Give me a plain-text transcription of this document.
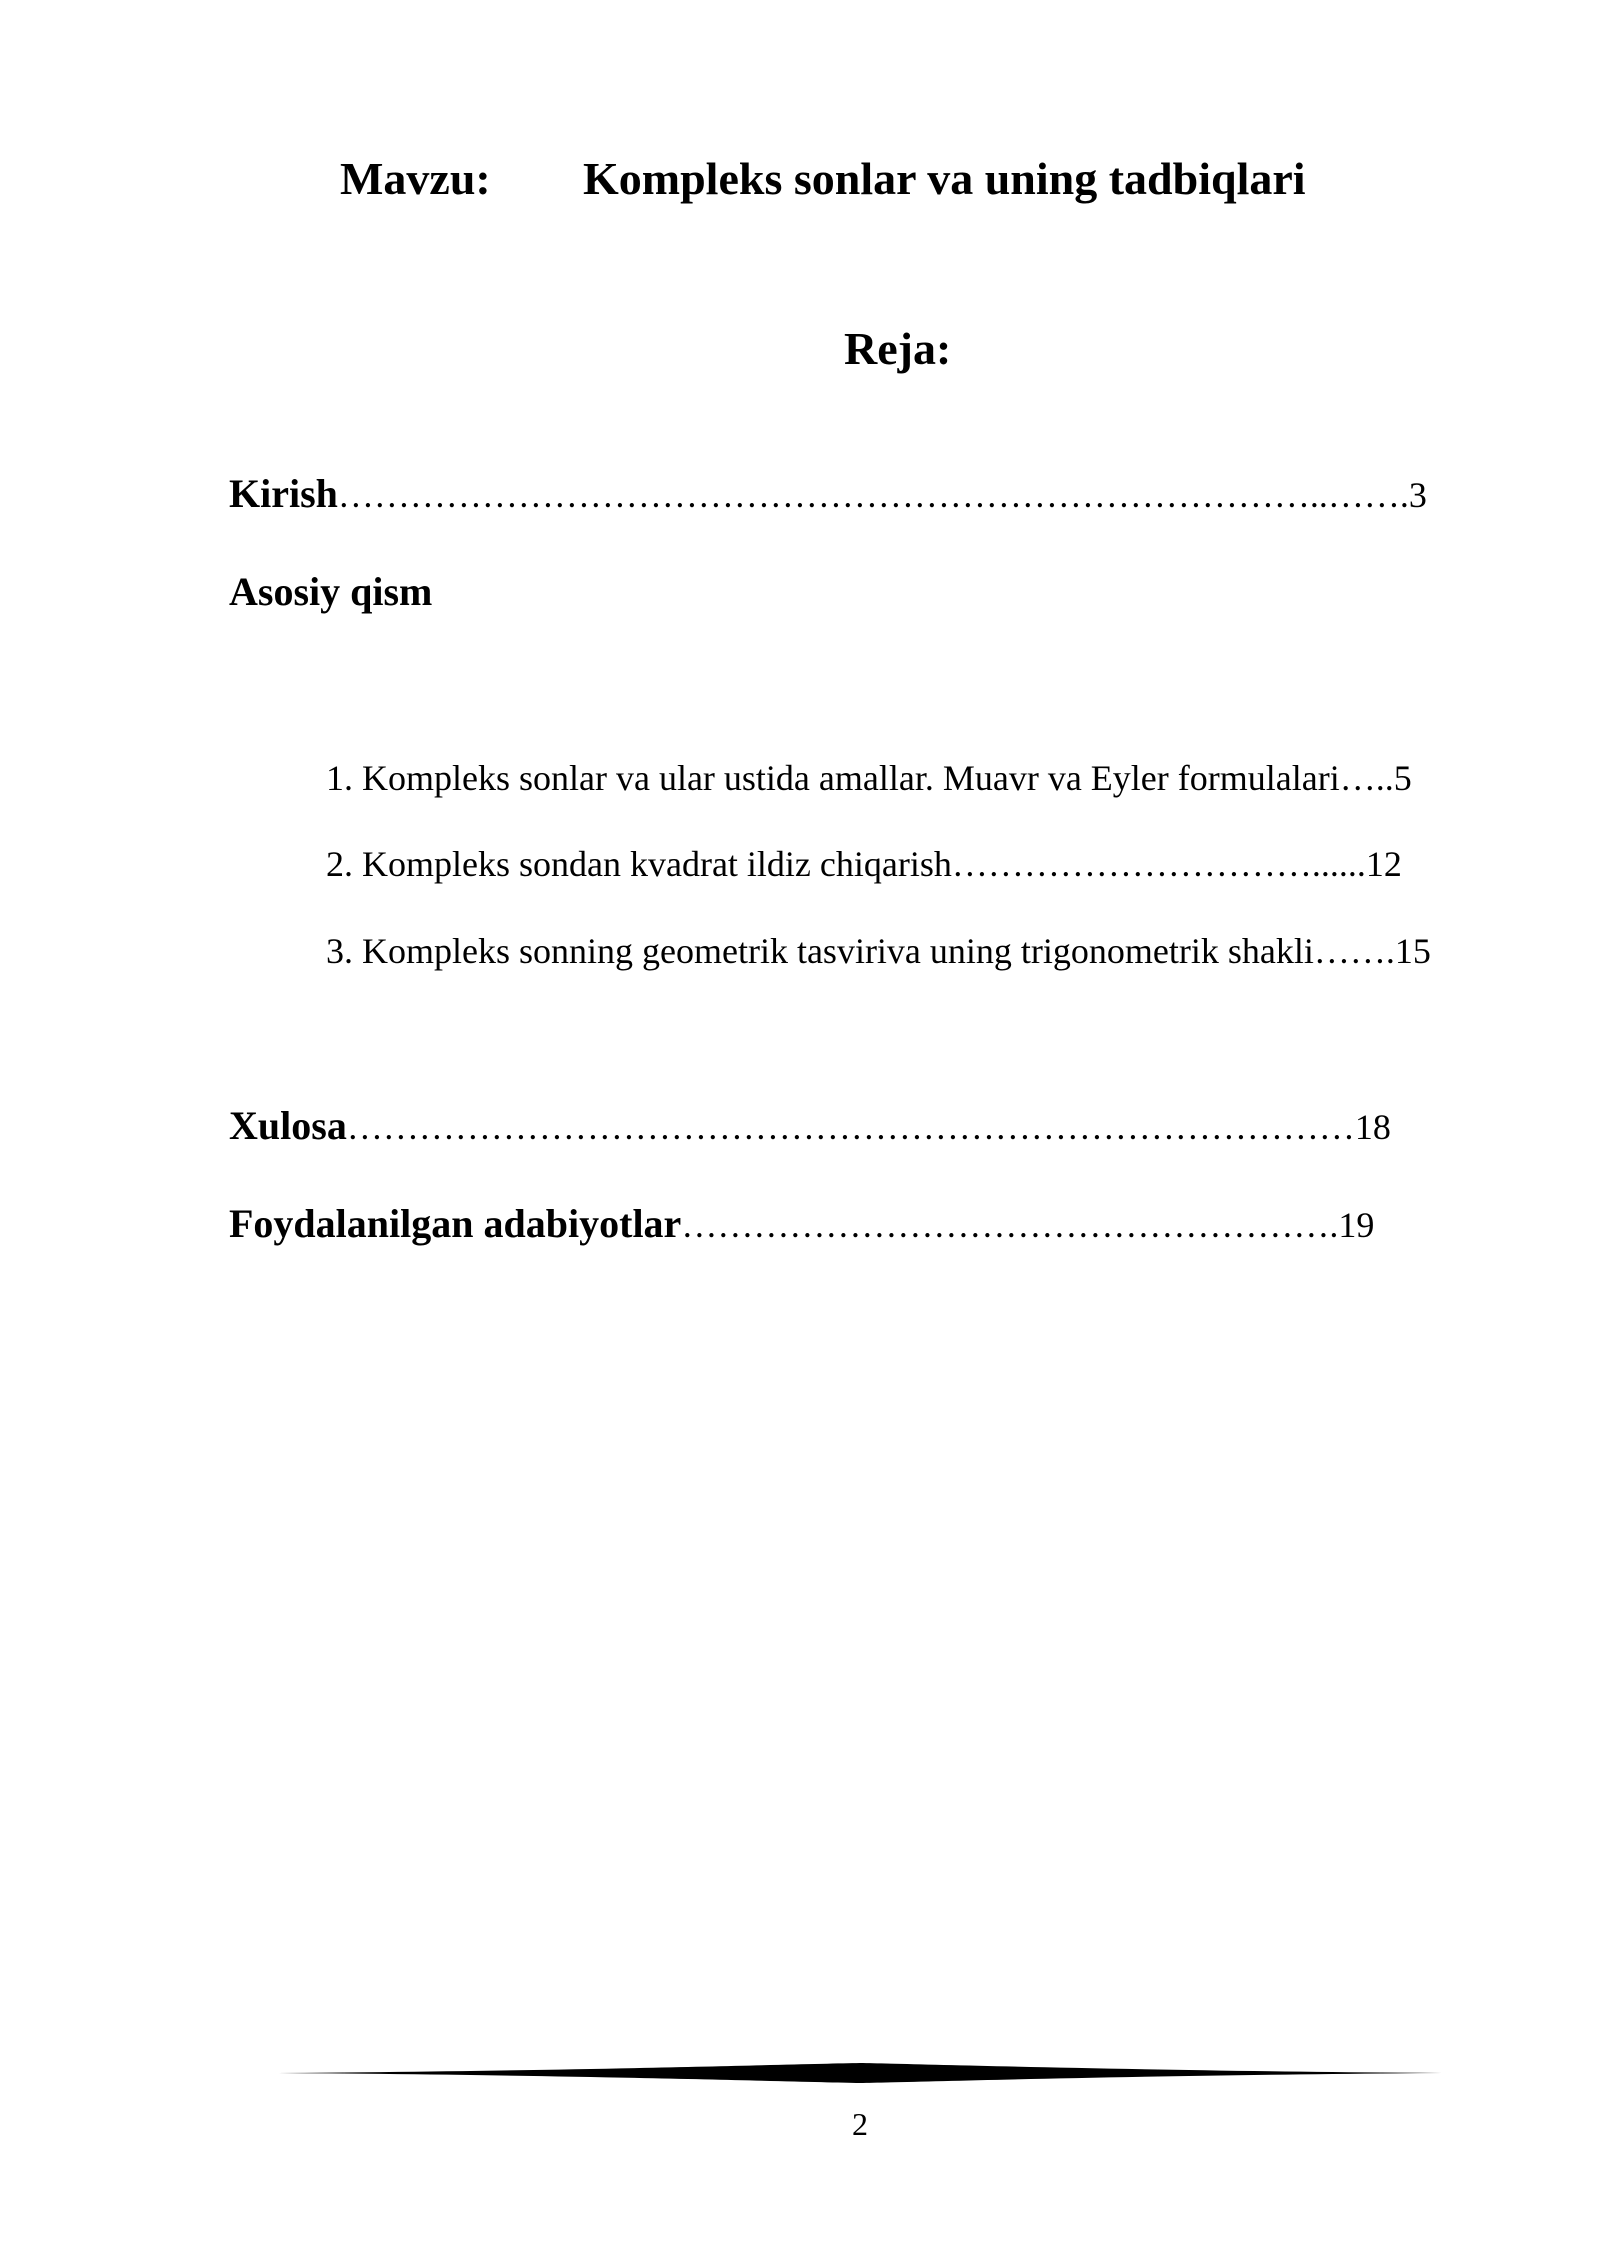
Mavzu: Kompleks sonlar va uning tadbiqlari
Reja:
Kirish………………………………………………………………………..…….3
Asosiy qism
1. Kompleks sonlar va ular ustida amallar. Muavr va Eyler formulalari…..5
2. Kompleks sondan kvadrat ildiz chiqarish…………………………......12
3. Kompleks sonning geometrik tasviriva uning trigonometrik shakli…….15
Xulosa…………………………………………………………………………18
Foydalanilgan adabiyotlar……………………………………………….19
2
